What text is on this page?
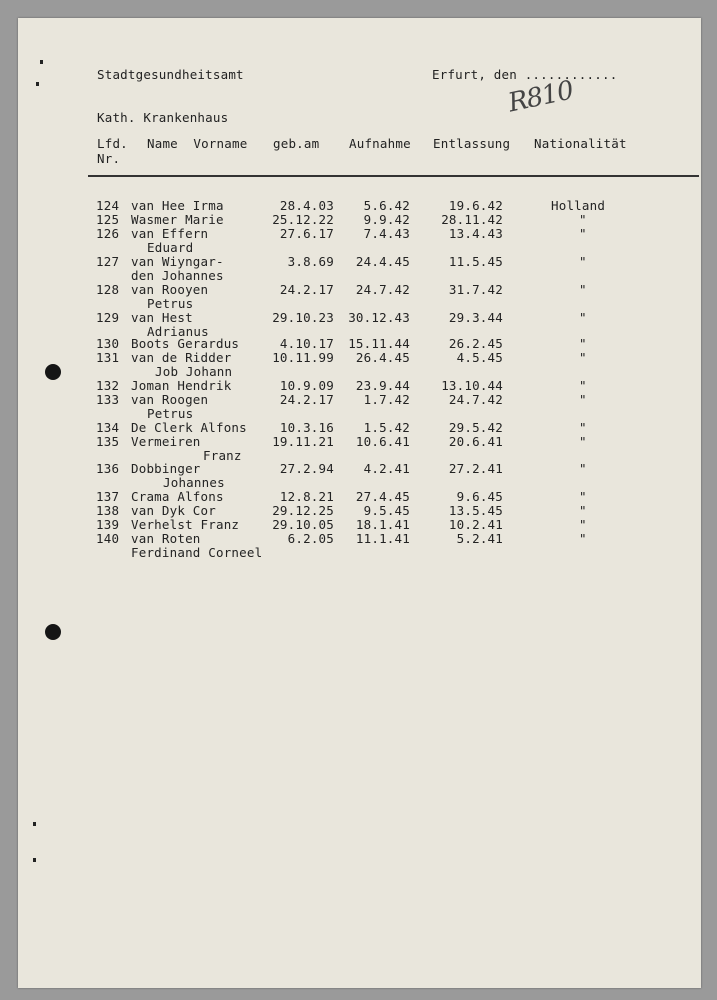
Stadtgesundheitsamt	Erfurt, den ............
Kath. Krankenhaus	R810
Lfd.
Nr.
Name  Vorname geb.am Aufnahme Entlassung Nationalität
124 van Hee Irma	28.4.03 5.6.42	19.6.42	Holland
125 Wasmer Marie	25.12.22 9.9.42 28.11.42	"
126 van Effern	27.6.17 7.4.43	13.4.43	"
Eduard
127 van Wiyngar-	3.8.69 24.4.45	11.5.45	"
den Johannes
128 van Rooyen	24.2.17 24.7.42	31.7.42	"
Petrus
129 van Hest	29.10.23 30.12.43	29.3.44	"
Adrianus
130 Boots Gerardus	4.10.17 15.11.44	26.2.45	"
131 van de Ridder	10.11.99 26.4.45	4.5.45	"
Job Johann
132 Joman Hendrik	10.9.09 23.9.44 13.10.44	"
133 van Roogen	24.2.17 1.7.42	24.7.42	"
Petrus
134 De Clerk Alfons	10.3.16 1.5.42	29.5.42	"
135 Vermeiren	19.11.21 10.6.41	20.6.41	"
Franz
136 Dobbinger	27.2.94 4.2.41	27.2.41	"
Johannes
137 Crama Alfons	12.8.21 27.4.45	9.6.45	"
138 van Dyk Cor	29.12.25 9.5.45	13.5.45	"
139 Verhelst Franz	29.10.05 18.1.41	10.2.41	"
140 van Roten	6.2.05 11.1.41	5.2.41	"
Ferdinand Corneel
